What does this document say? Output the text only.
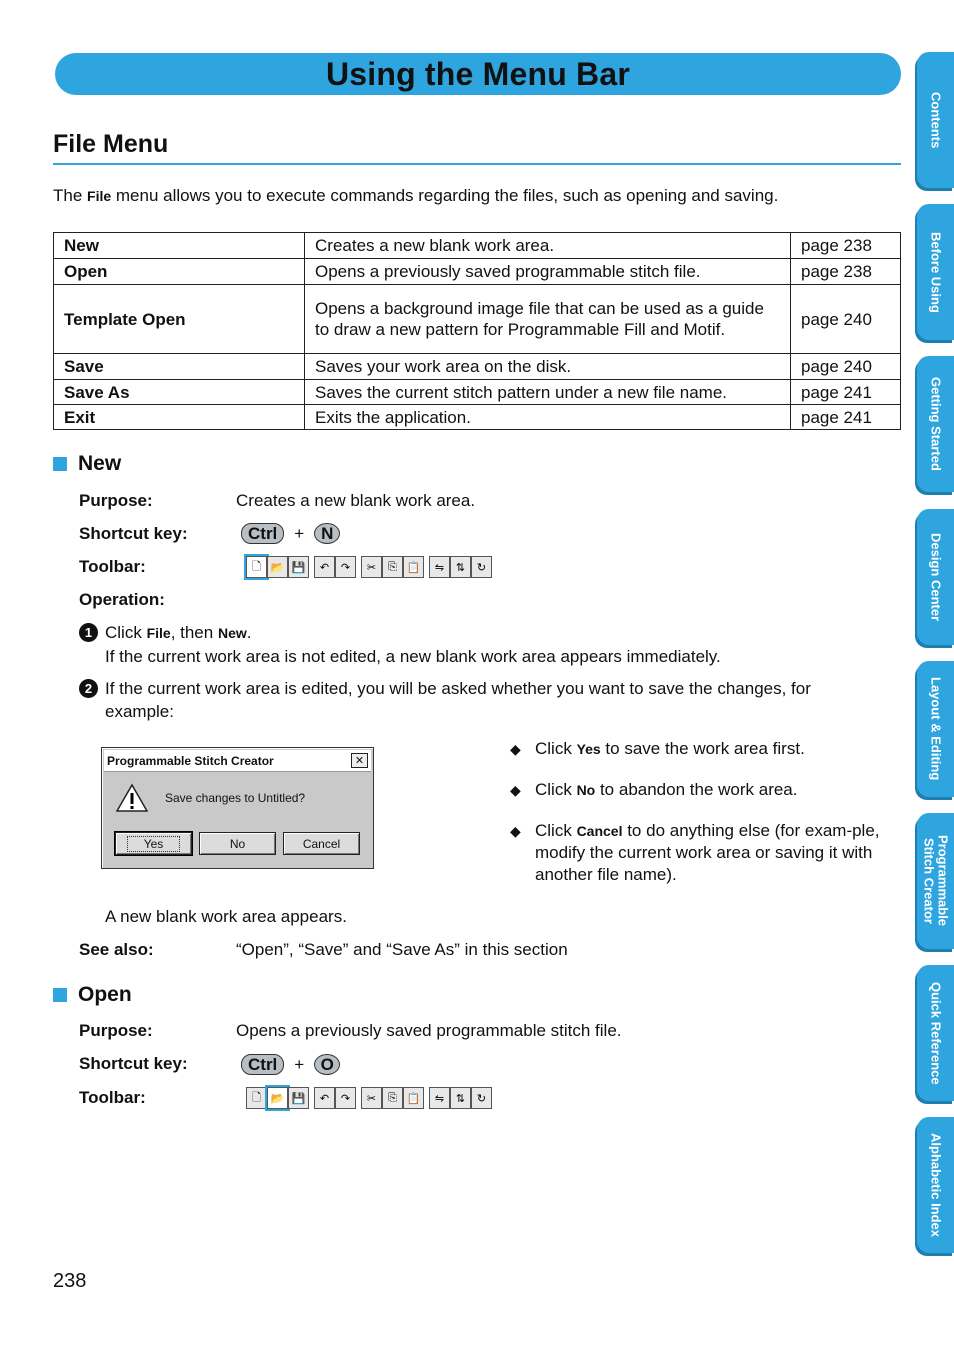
Using the Menu Bar
File Menu
The File menu allows you to execute commands regarding the files, such as opening and saving.
New	Creates a new blank work area.	page 238
Open	Opens a previously saved programmable stitch file.	page 238
Template Open	Opens a background image file that can be used as a guide to draw a new pattern for Programmable Fill and Motif.	page 240
Save	Saves your work area on the disk.	page 240
Save As	Saves the current stitch pattern under a new file name.	page 241
Exit	Exits the application.	page 241
New
Purpose:	Creates a new blank work area.
Shortcut key:	Ctrl	+ N
Toolbar:	🗋 📂 💾	↶	↷	✂	⎘ 📋	⇋	⇅	↻
Operation:
1 Click File, then New.
If the current work area is not edited, a new blank work area appears immediately.
2 If the current work area is edited, you will be asked whether you want to save the changes, for example:
Programmable Stitch Creator	✕
Save changes to Untitled?
Yes	No	Cancel
◆ Click Yes to save the work area first.
◆ Click No to abandon the work area.
◆ Click Cancel to do anything else (for exam-ple, modify the current work area or saving it with another file name).
A new blank work area appears.
See also:	“Open”, “Save” and “Save As” in this section
Open
Purpose:	Opens a previously saved programmable stitch file.
Shortcut key:	Ctrl	+ O
Toolbar:	🗋 📂 💾	↶	↷	✂	⎘ 📋	⇋	⇅	↻
Contents
Before Using
Getting Started
Design Center
Layout & Editing
Programmable
Stitch Creator
Quick Reference
Alphabetic Index
238
